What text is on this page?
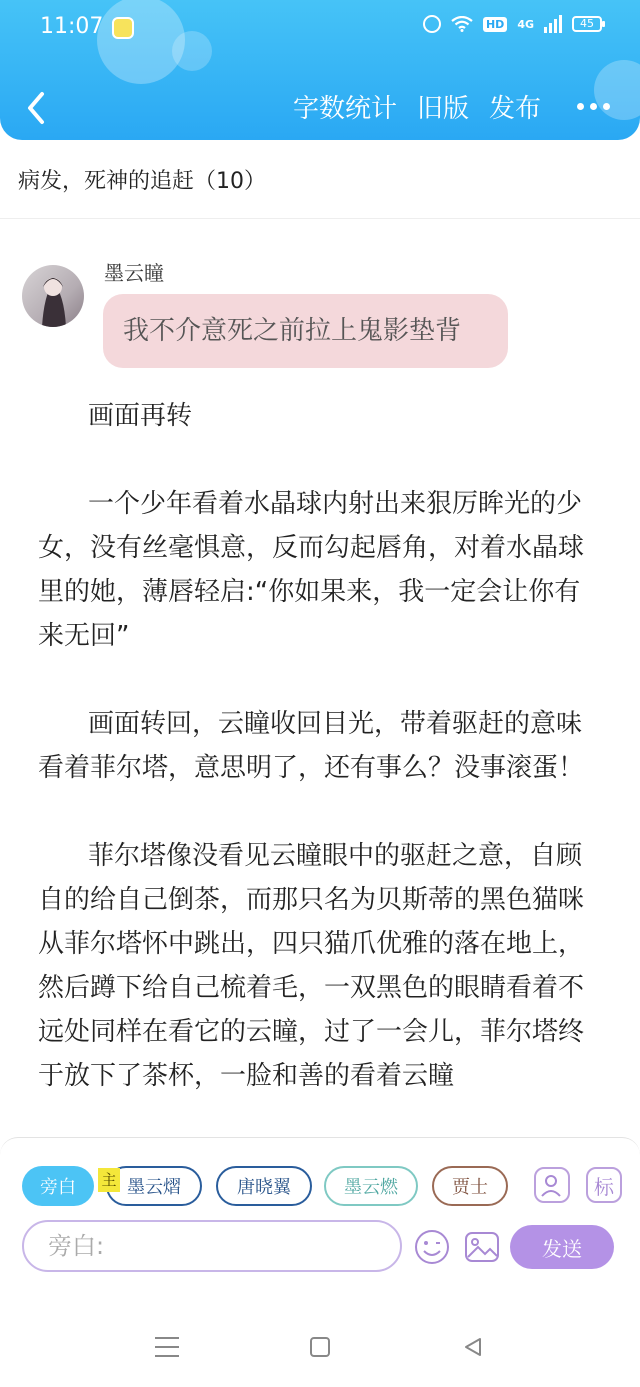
11:07	HD 4G	45
字数统计 旧版 发布
病发，死神的追赶（10）
墨云瞳
我不介意死之前拉上鬼影垫背

画面再转

一个少年看着水晶球内射出来狠厉眸光的少女，没有丝毫惧意，反而勾起唇角，对着水晶球里的她，薄唇轻启:“你如果来，我一定会让你有来无回”

画面转回，云瞳收回目光，带着驱赶的意味看着菲尔塔，意思明了，还有事么？没事滚蛋！

菲尔塔像没看见云瞳眼中的驱赶之意，自顾自的给自己倒茶，而那只名为贝斯蒂的黑色猫咪从菲尔塔怀中跳出，四只猫爪优雅的落在地上，然后蹲下给自己梳着毛，一双黑色的眼睛看着不远处同样在看它的云瞳，过了一会儿，菲尔塔终于放下了茶杯，一脸和善的看着云瞳

旁白	墨云熠
主	唐晓翼	墨云燃	贾士	标
旁白:	发送
